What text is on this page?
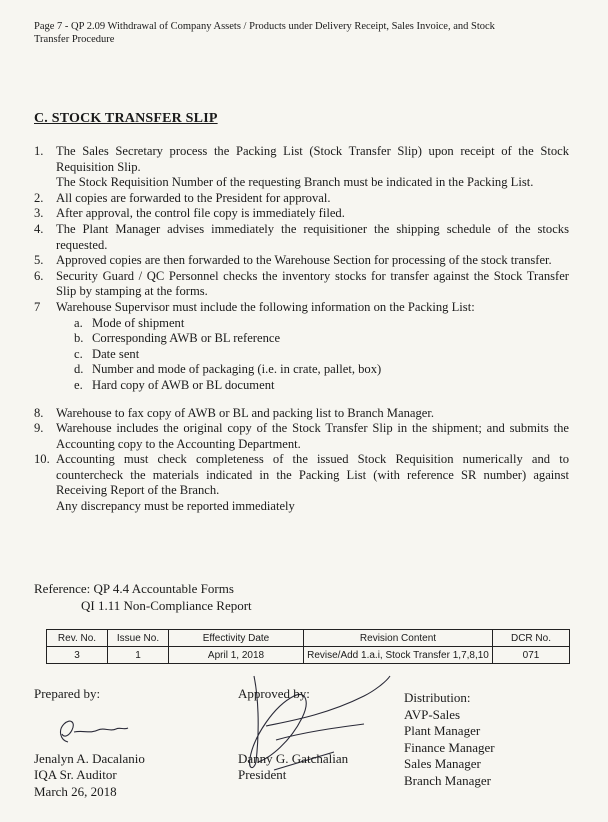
Page 7 - QP 2.09 Withdrawal of Company Assets / Products under Delivery Receipt, Sales Invoice, and Stock
Transfer Procedure
C. STOCK TRANSFER SLIP
1. The Sales Secretary process the Packing List (Stock Transfer Slip) upon receipt of the Stock Requisition Slip.

The Stock Requisition Number of the requesting Branch must be indicated in the Packing List.

2. All copies are forwarded to the President for approval.

3. After approval, the control file copy is immediately filed.

4. The Plant Manager advises immediately the requisitioner the shipping schedule of the stocks requested.

5. Approved copies are then forwarded to the Warehouse Section for processing of the stock transfer.

6. Security Guard / QC Personnel checks the inventory stocks for transfer against the Stock Transfer Slip by stamping at the forms.

7	Warehouse Supervisor must include the following information on the Packing List:

a. Mode of shipment
b. Corresponding AWB or BL reference
c. Date sent
d. Number and mode of packaging (i.e. in crate, pallet, box)
e. Hard copy of AWB or BL document
8. Warehouse to fax copy of AWB or BL and packing list to Branch Manager.

9. Warehouse includes the original copy of the Stock Transfer Slip in the shipment; and submits the Accounting copy to the Accounting Department.

10. Accounting must check completeness of the issued Stock Requisition numerically and to countercheck the materials indicated in the Packing List (with reference SR number) against Receiving Report of the Branch.

Any discrepancy must be reported immediately

Reference: QP 4.4 Accountable Forms
QI 1.11 Non-Compliance Report
Rev. No.	Issue No.	Effectivity Date	Revision Content	DCR No.
3	1	April 1, 2018	Revise/Add 1.a.i, Stock Transfer 1,7,8,10	071
Prepared by:
Jenalyn A. Dacalanio
IQA Sr. Auditor
March 26, 2018
Approved by:
Danny G. Gatchalian
President
Distribution:
AVP-Sales
Plant Manager
Finance Manager
Sales Manager
Branch Manager
